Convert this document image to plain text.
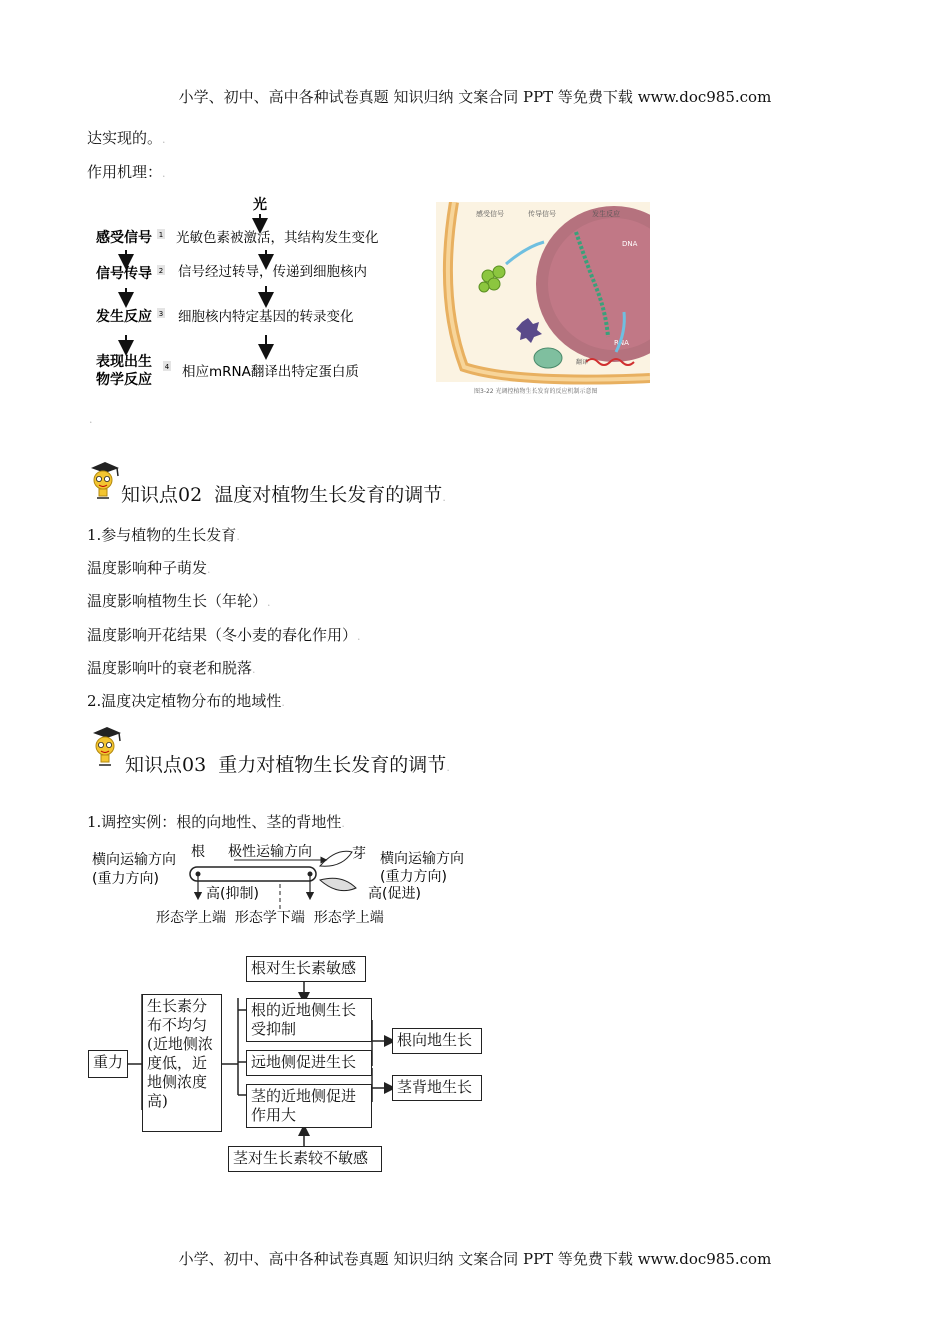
小学、初中、高中各种试卷真题 知识归纳 文案合同 PPT 等免费下载 www.doc985.com
达实现的。.
作用机理：.
光
感受信号 1 光敏色素被激活，其结构发生变化
信号传导 2 信号经过转导，传递到细胞核内
发生反应 3 细胞核内特定基因的转录变化
表现出生
物学反应
4 相应mRNA翻译出特定蛋白质
.
DNA
RNA
感受信号	传导信号	发生反应
翻译
图3-22 光调控植物生长发育的反应机制示意图
知识点02 温度对植物生长发育的调节.
1.参与植物的生长发育.
温度影响种子萌发.
温度影响植物生长（年轮）.
温度影响开花结果（冬小麦的春化作用）.
温度影响叶的衰老和脱落.
2.温度决定植物分布的地域性.
知识点03 重力对植物生长发育的调节.
1.调控实例：根的向地性、茎的背地性.
横向运输方向
(重力方向)
根 极性运输方向	芽 横向运输方向
(重力方向)
高(抑制)	高(促进)
形态学上端  形态学下端  形态学上端
重力
生长素分布不均匀(近地侧浓度低，近地侧浓度高)
根对生长素敏感
根的近地侧生长受抑制
远地侧促进生长
茎的近地侧促进作用大
茎对生长素较不敏感
根向地生长
茎背地生长
小学、初中、高中各种试卷真题 知识归纳 文案合同 PPT 等免费下载 www.doc985.com
